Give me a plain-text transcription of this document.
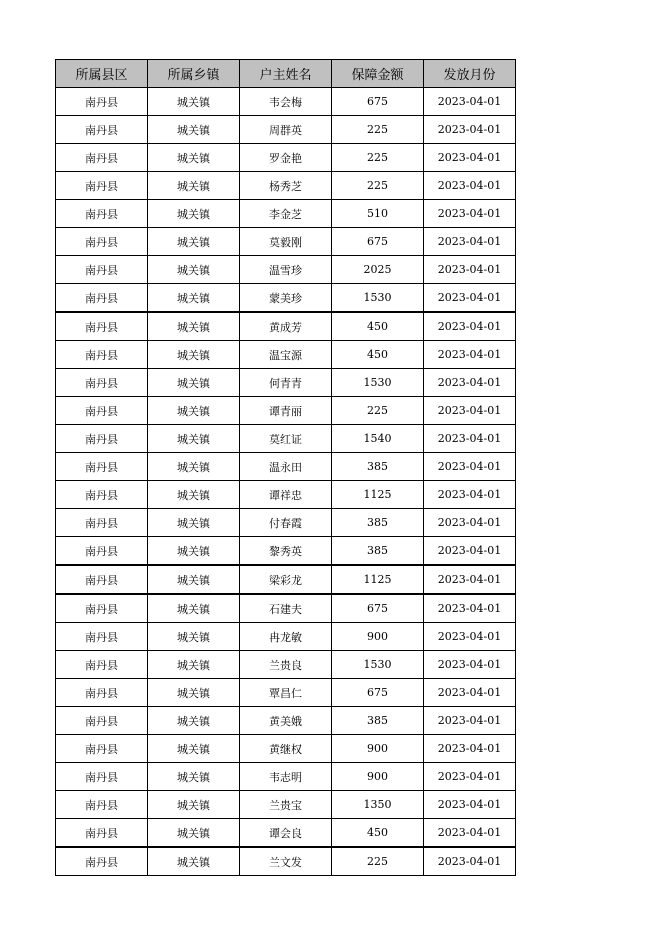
所属县区	所属乡镇	户主姓名	保障金额	发放月份
南丹县	城关镇	韦会梅	675	2023-04-01
南丹县	城关镇	周群英	225	2023-04-01
南丹县	城关镇	罗金艳	225	2023-04-01
南丹县	城关镇	杨秀芝	225	2023-04-01
南丹县	城关镇	李金芝	510	2023-04-01
南丹县	城关镇	莫毅刚	675	2023-04-01
南丹县	城关镇	温雪珍	2025	2023-04-01
南丹县	城关镇	蒙美珍	1530	2023-04-01
南丹县	城关镇	黄成芳	450	2023-04-01
南丹县	城关镇	温宝源	450	2023-04-01
南丹县	城关镇	何青青	1530	2023-04-01
南丹县	城关镇	谭青丽	225	2023-04-01
南丹县	城关镇	莫红证	1540	2023-04-01
南丹县	城关镇	温永田	385	2023-04-01
南丹县	城关镇	谭祥忠	1125	2023-04-01
南丹县	城关镇	付春霞	385	2023-04-01
南丹县	城关镇	黎秀英	385	2023-04-01
南丹县	城关镇	梁彩龙	1125	2023-04-01
南丹县	城关镇	石建夫	675	2023-04-01
南丹县	城关镇	冉龙敏	900	2023-04-01
南丹县	城关镇	兰贵良	1530	2023-04-01
南丹县	城关镇	覃昌仁	675	2023-04-01
南丹县	城关镇	黄美娥	385	2023-04-01
南丹县	城关镇	黄继权	900	2023-04-01
南丹县	城关镇	韦志明	900	2023-04-01
南丹县	城关镇	兰贵宝	1350	2023-04-01
南丹县	城关镇	谭会良	450	2023-04-01
南丹县	城关镇	兰文发	225	2023-04-01
